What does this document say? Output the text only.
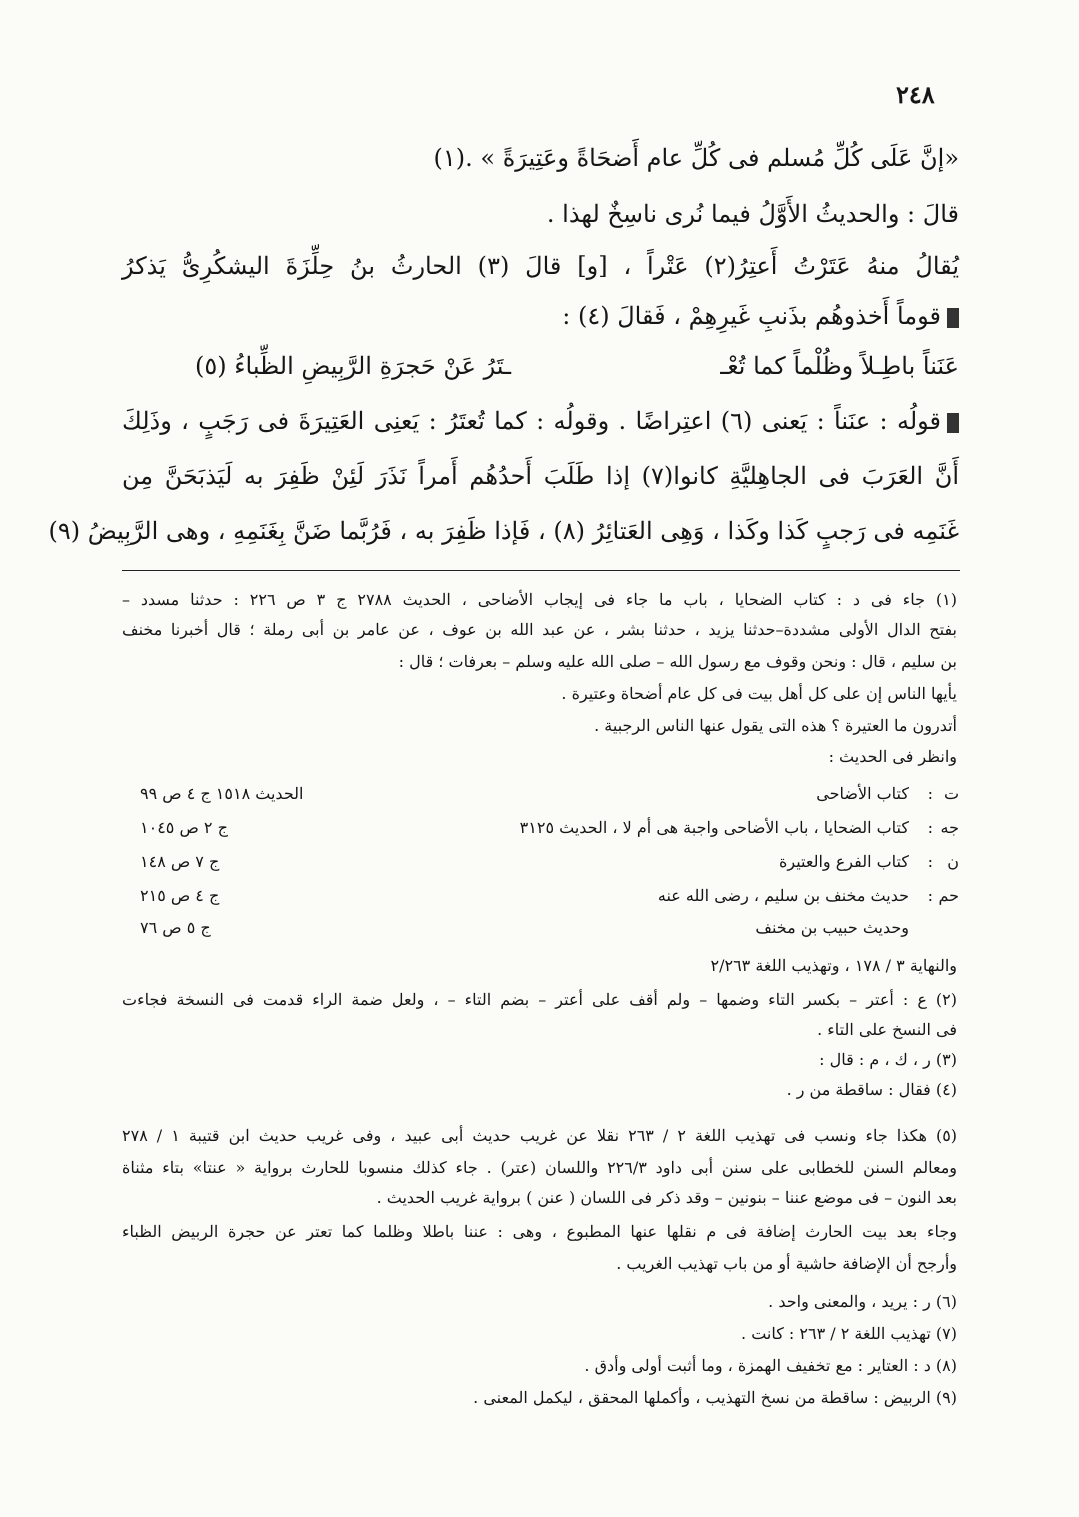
٢٤٨
«إنَّ عَلَى كُلِّ مُسلم فى كُلِّ عام أَضحَاةً وعَتِيرَةً » .(١)
قالَ : والحديثُ الأَوَّلُ فيما نُرى ناسِخٌ لهذا .
يُقالُ منهُ عَتَرْتُ أَعتِرُ(٢) عَتْراً ، [و] قالَ (٣) الحارثُ بنُ حِلِّزَةَ اليشكُرِىُّ يَذكرُ
قوماً أَخذوهُم بذَنبِ غَيرِهِمْ ، فَقالَ (٤) :
عَنَناً باطِـلاً وظُلْماً كما تُعْـ
ـتَرُ عَنْ حَجرَةِ الرَّبِيضِ الظِّباءُ (٥)
قولُه : عنَناً : يَعنى (٦) اعتِراضًا . وقولُه : كما تُعتَرُ : يَعنِى العَتِيرَةَ فى رَجَبٍ ، وذَلِكَ
أَنَّ العَرَبَ فى الجاهِليَّةِ كانوا(٧) إذا طَلَبَ أَحدُهُم أَمراً نَذَرَ لَئِنْ ظَفِرَ به لَيَذبَحَنَّ مِن
غَنَمِه فى رَجبٍ كَذا وكَذا ، وَهِى العَتائِرُ (٨) ، فَإذا ظَفِرَ به ، فَرُبَّما ضَنَّ بِغَنَمِهِ ، وهى الرَّبِيضُ (٩)
(١) جاء فى د : كتاب الضحايا ، باب ما جاء فى إيجاب الأضاحى ، الحديث ٢٧٨٨ ج ٣ ص ٢٢٦ : حدثنا مسدد –
بفتح الدال الأولى مشددة–حدثنا يزيد ، حدثنا بشر ، عن عبد الله بن عوف ، عن عامر بن أبى رملة ؛ قال أخبرنا مخنف
بن سليم ، قال : ونحن وقوف مع رسول الله – صلى الله عليه وسلم – بعرفات ؛ قال :
يأيها الناس إن على كل أهل بيت فى كل عام أضحاة وعتيرة .
أتدرون ما العتيرة ؟ هذه التى يقول عنها الناس الرجبية .
وانظر فى الحديث :
ت
:
كتاب الأضاحى
الحديث ١٥١٨ ج ٤ ص ٩٩
جه
:
كتاب الضحايا ، باب الأضاحى واجبة هى أم لا ، الحديث ٣١٢٥
ج ٢ ص ١٠٤٥
ن
:
كتاب الفرع والعتيرة
ج ٧ ص ١٤٨
حم
:
حديث مخنف بن سليم ، رضى الله عنه
ج ٤ ص ٢١٥
وحديث حبيب بن مخنف
ج ٥ ص ٧٦
والنهاية ٣ / ١٧٨ ، وتهذيب اللغة ٢/٢٦٣
(٢) ع : أعتر – بكسر التاء وضمها – ولم أقف على أعتر – بضم التاء – ، ولعل ضمة الراء قدمت فى النسخة فجاءت
فى النسخ على التاء .
(٣) ر ، ك ، م : قال :
(٤) فقال : ساقطة من ر .
(٥) هكذا جاء ونسب فى تهذيب اللغة ٢ / ٢٦٣ نقلا عن غريب حديث أبى عبيد ، وفى غريب حديث ابن قتيبة ١ / ٢٧٨
ومعالم السنن للخطابى على سنن أبى داود ٢٢٦/٣ واللسان (عتر) . جاء كذلك منسوبا للحارث برواية « عنتا» بتاء مثناة
بعد النون – فى موضع عننا – بنونين – وقد ذكر فى اللسان ( عنن ) برواية غريب الحديث .
وجاء بعد بيت الحارث إضافة فى م نقلها عنها المطبوع ، وهى : عننا باطلا وظلما كما تعتر عن حجرة الربيض الظباء
وأرجح أن الإضافة حاشية أو من باب تهذيب الغريب .
(٦) ر : يريد ، والمعنى واحد .
(٧) تهذيب اللغة ٢ / ٢٦٣ : كانت .
(٨) د : العتاير : مع تخفيف الهمزة ، وما أثبت أولى وأدق .
(٩) الربيض : ساقطة من نسخ التهذيب ، وأكملها المحقق ، ليكمل المعنى .
